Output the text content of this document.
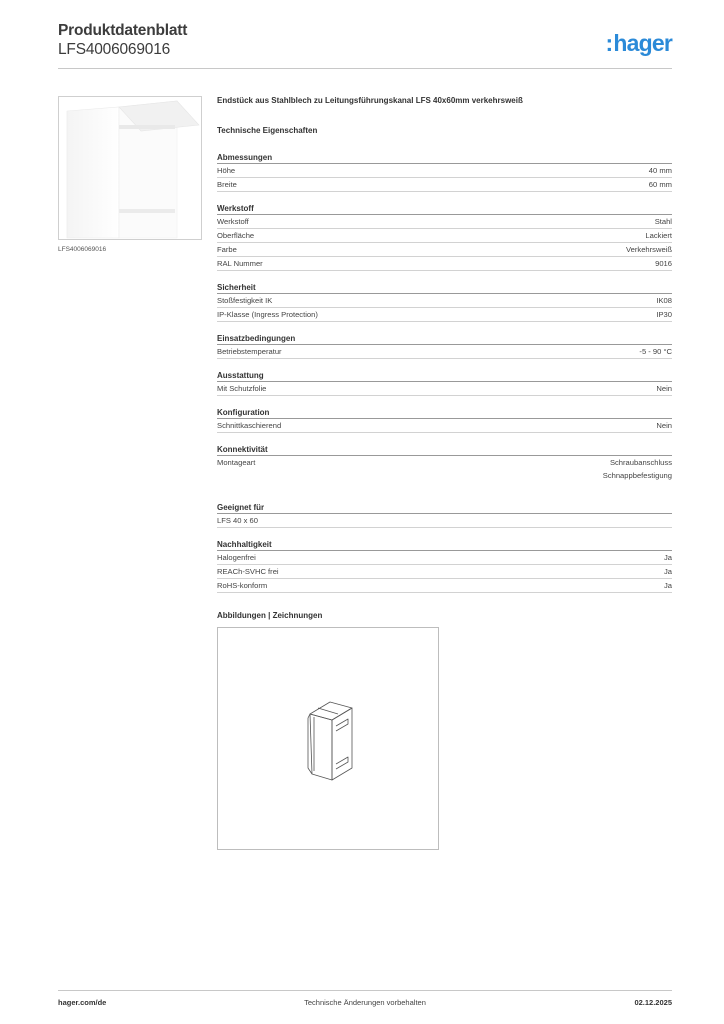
Produktdatenblatt
LFS4006069016	:hager
LFS4006069016
Endstück aus Stahlblech zu Leitungsführungskanal LFS 40x60mm verkehrsweiß
Technische Eigenschaften
Abmessungen
Höhe	40 mm
Breite	60 mm
Werkstoff
Werkstoff	Stahl
Oberfläche	Lackiert
Farbe	Verkehrsweiß
RAL Nummer	9016
Sicherheit
Stoßfestigkeit IK	IK08
IP-Klasse (Ingress Protection)	IP30
Einsatzbedingungen
Betriebstemperatur	-5 - 90 °C
Ausstattung
Mit Schutzfolie	Nein
Konfiguration
Schnittkaschierend	Nein
Konnektivität
Montageart	Schraubanschluss
Schnappbefestigung
Geeignet für
LFS 40 x 60
Nachhaltigkeit
Halogenfrei	Ja
REACh-SVHC frei	Ja
RoHS-konform	Ja
Abbildungen | Zeichnungen
hager.com/de	Technische Änderungen vorbehalten	02.12.2025
